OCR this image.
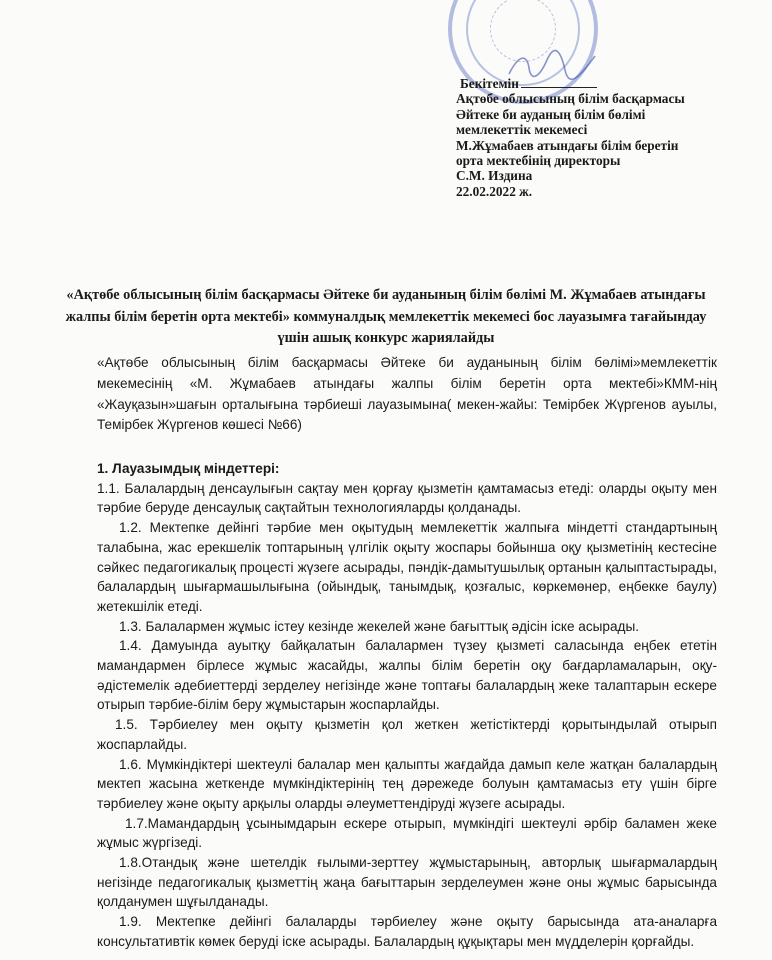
Бекітемін
Ақтөбе облысының білім басқармасы
Әйтеке би ауданың білім бөлімі
мемлекеттік мекемесі
М.Жұмабаев атындағы білім беретін
орта мектебінің директоры
С.М. Издина
22.02.2022 ж.
«Ақтөбе облысының білім басқармасы Әйтеке би ауданының білім бөлімі М. Жұмабаев атындағы жалпы білім беретін орта мектебі» коммуналдық мемлекеттік мекемесі бос лауазымға тағайындау үшін ашық конкурс жариялайды
«Ақтөбе облысының білім басқармасы Әйтеке би ауданының білім бөлімі»мемлекеттік мекемесінің «М. Жұмабаев атындағы жалпы білім беретін орта мектебі»КММ-нің «Жауқазын»шағын орталығына тәрбиеші лауазымына( мекен-жайы: Темірбек Жүргенов ауылы, Темірбек Жүргенов көшесі №66)
1. Лауазымдық міндеттері:

1.1. Балалардың денсаулығын сақтау мен қорғау қызметін қамтамасыз етеді: оларды оқыту мен тәрбие беруде денсаулық сақтайтын технологияларды қолданады.

1.2. Мектепке дейінгі тәрбие мен оқытудың мемлекеттік жалпыға міндетті стандартының талабына, жас ерекшелік топтарының үлгілік оқыту жоспары бойынша оқу қызметінің кестесіне сәйкес педагогикалық процесті жүзеге асырады, пәндік-дамытушылық ортанын қалыптастырады, балалардың шығармашылығына (ойындық, танымдық, қозғалыс, көркемөнер, еңбекке баулу) жетекшілік етеді.

1.3. Балалармен жұмыс істеу кезінде жекелей және бағыттық әдісін іске асырады.

1.4. Дамуында ауытқу байқалатын балалармен түзеу қызметі саласында еңбек ететін мамандармен бірлесе жұмыс жасайды, жалпы білім беретін оқу бағдарламаларын, оқу-әдістемелік әдебиеттерді зерделеу негізінде және топтағы балалардың жеке талаптарын ескере отырып тәрбие-білім беру жұмыстарын жоспарлайды.

1.5. Тәрбиелеу мен оқыту қызметін қол жеткен жетістіктерді қорытындылай отырып жоспарлайды.

1.6. Мүмкіндіктері шектеулі балалар мен қалыпты жағдайда дамып келе жатқан балалардың мектеп жасына жеткенде мүмкіндіктерінің тең дәрежеде болуын қамтамасыз ету үшін бірге тәрбиелеу және оқыту арқылы оларды әлеуметтендіруді жүзеге асырады.

1.7.Мамандардың ұсынымдарын ескере отырып, мүмкіндігі шектеулі әрбір баламен жеке жұмыс жүргізеді.

1.8.Отандық және шетелдік ғылыми-зерттеу жұмыстарының, авторлық шығармалардың негізінде педагогикалық қызметтің жаңа бағыттарын зерделеумен және оны жұмыс барысында қолданумен шұғылданады.

1.9. Мектепке дейінгі балаларды тәрбиелеу және оқыту барысында ата-аналарға консультативтік көмек беруді іске асырады. Балалардың құқықтары мен мүдделерін қорғайды.
